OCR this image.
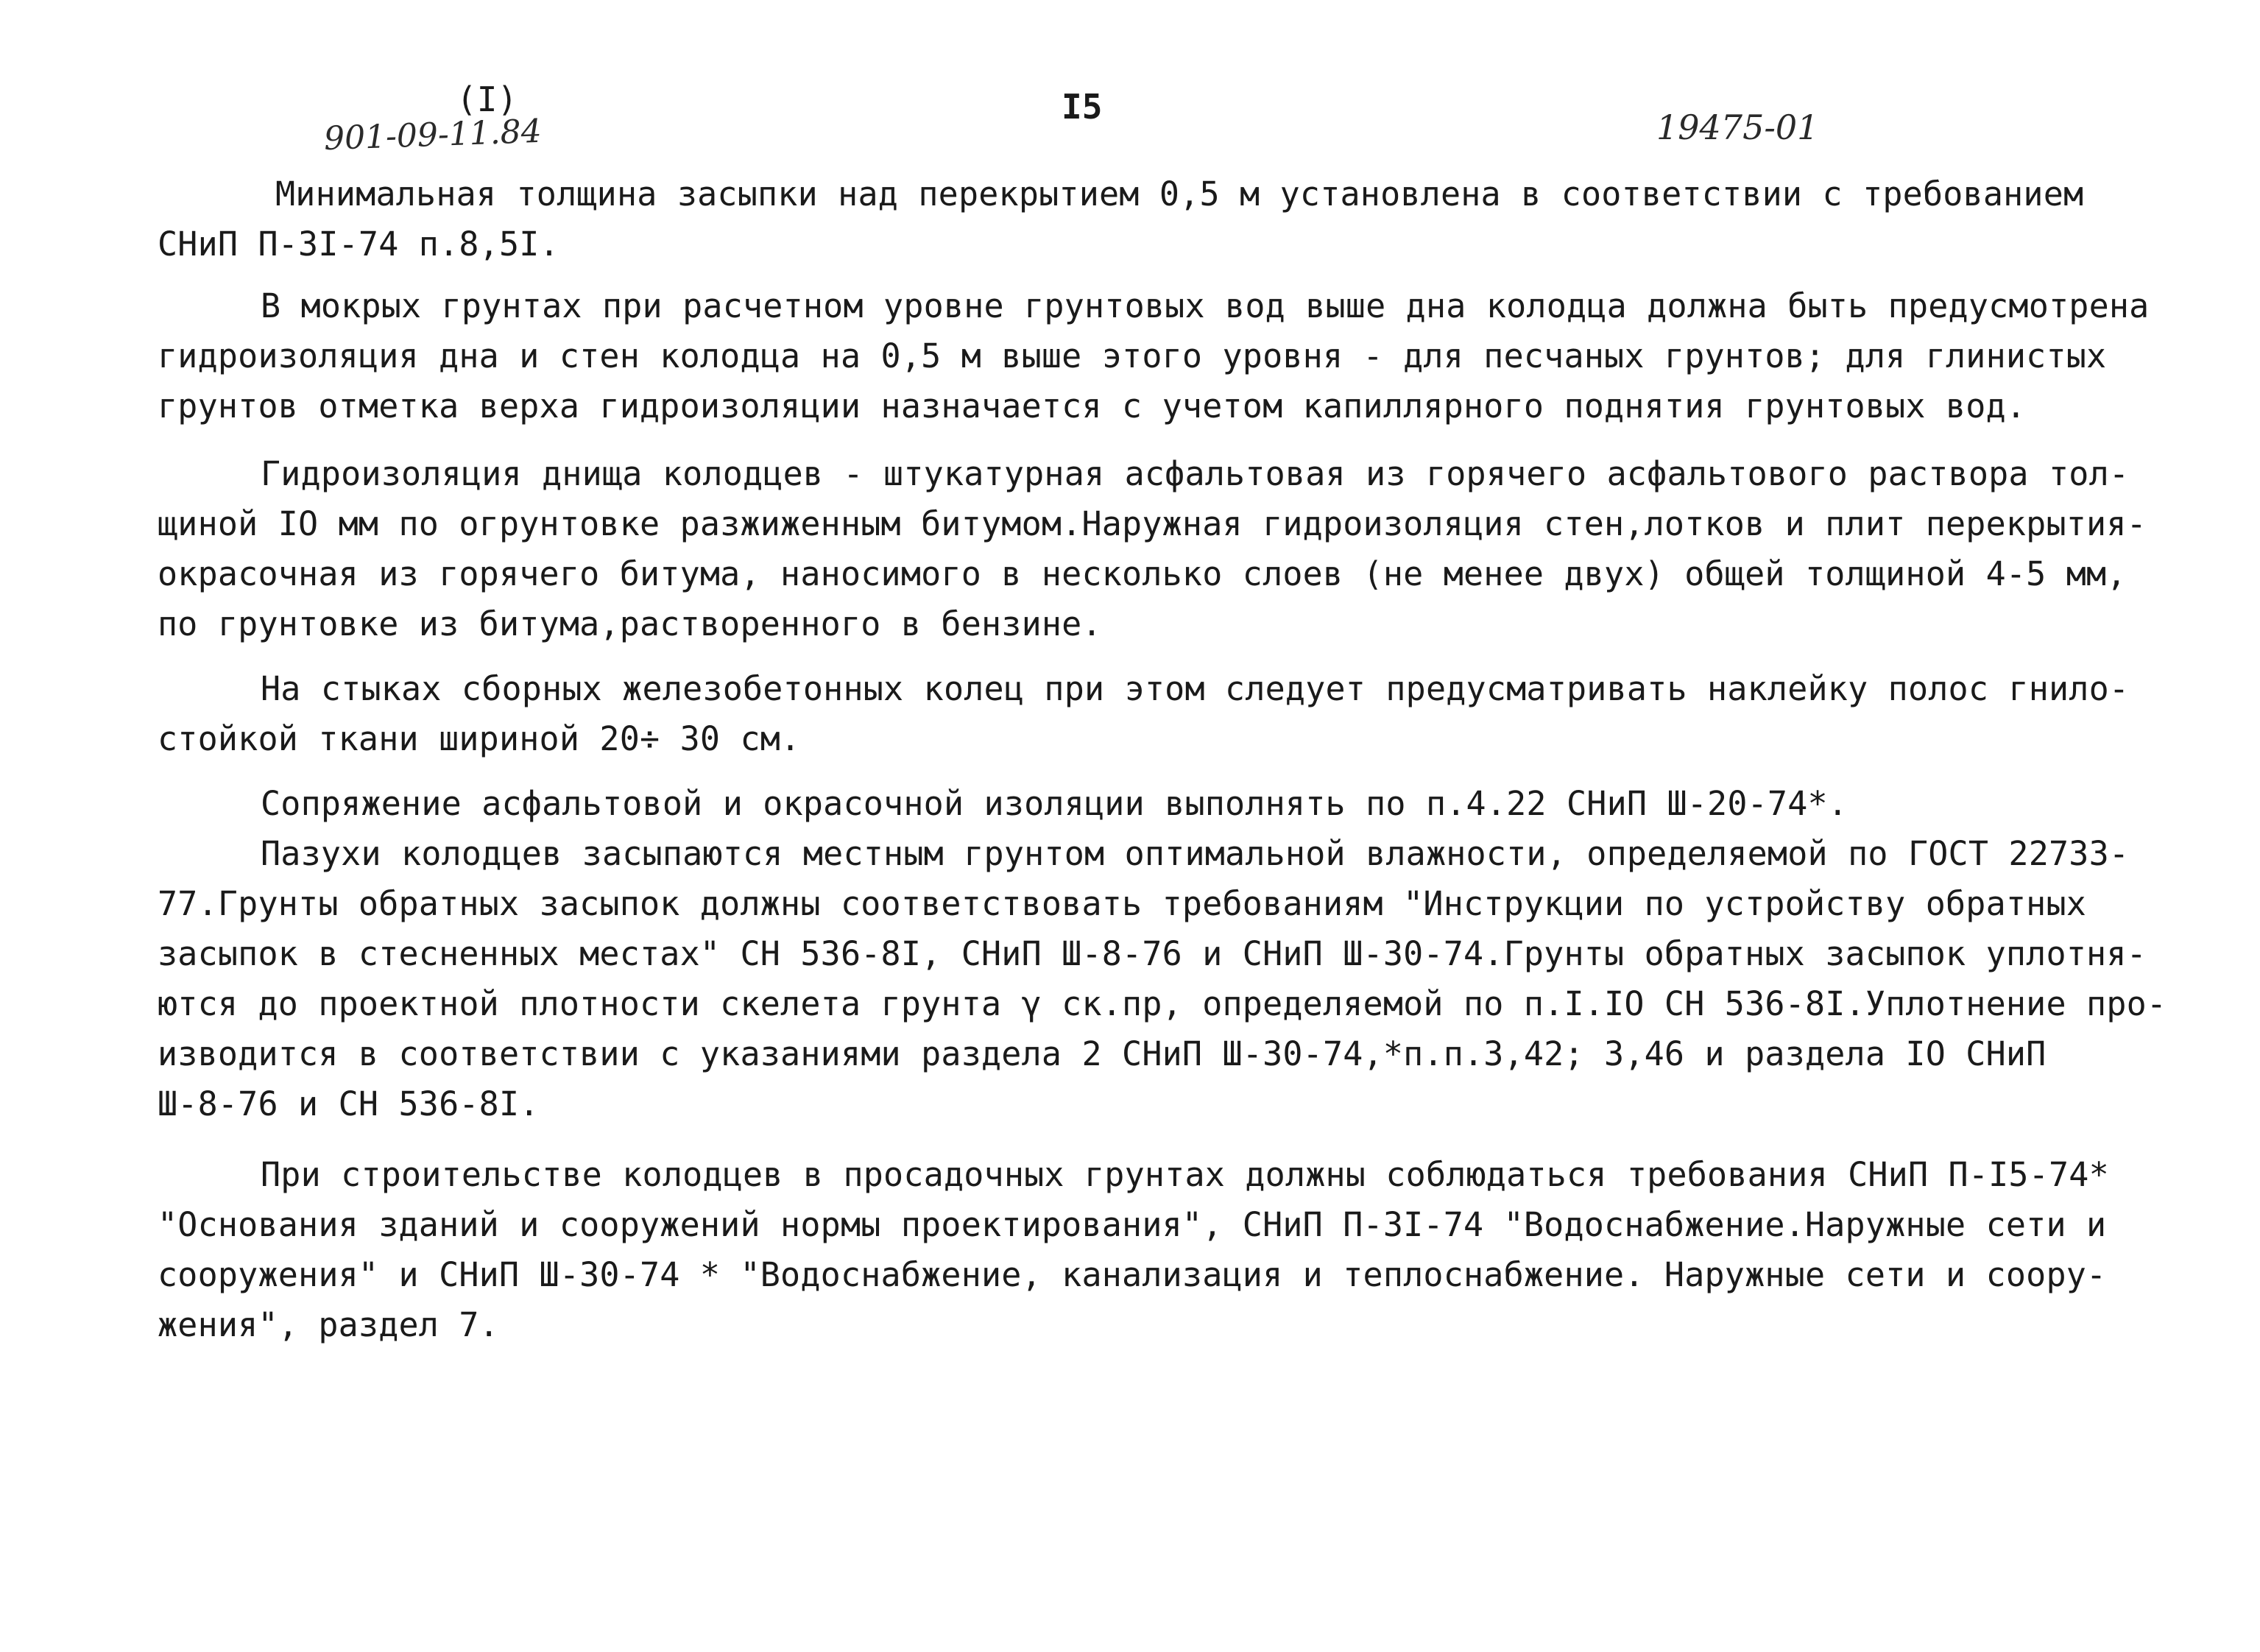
(I)
901-09-11.84
I5
19475-01
Минимальная толщина засыпки над перекрытием 0,5 м установлена в соответствии с требованием
СНиП П-3I-74 п.8,5I.
В мокрых грунтах при расчетном уровне грунтовых вод выше дна колодца должна быть предусмотрена
гидроизоляция дна и стен колодца на 0,5 м выше этого уровня - для песчаных грунтов; для глинистых
грунтов отметка верха гидроизоляции назначается с учетом капиллярного поднятия грунтовых вод.
Гидроизоляция днища колодцев - штукатурная асфальтовая из горячего асфальтового раствора тол-
щиной IO мм по огрунтовке разжиженным битумом.Наружная гидроизоляция стен,лотков и плит перекрытия-
окрасочная из горячего битума, наносимого в несколько слоев (не менее двух) общей толщиной 4-5 мм,
по грунтовке из битума,растворенного в бензине.
На стыках сборных железобетонных колец при этом следует предусматривать наклейку полос гнило-
стойкой ткани шириной 20÷ 30 см.
Сопряжение асфальтовой и окрасочной изоляции выполнять по п.4.22 СНиП Ш-20-74*.
Пазухи колодцев засыпаются местным грунтом оптимальной влажности, определяемой по ГОСТ 22733-
77.Грунты обратных засыпок должны соответствовать требованиям "Инструкции по устройству обратных
засыпок в стесненных местах" СН 536-8I, СНиП Ш-8-76 и СНиП Ш-30-74.Грунты обратных засыпок уплотня-
ются до проектной плотности скелета грунта γ ск.пр, определяемой по п.I.IO СН 536-8I.Уплотнение про-
изводится в соответствии с указаниями раздела 2 СНиП Ш-30-74,*п.п.3,42; 3,46 и раздела IO СНиП
Ш-8-76 и СН 536-8I.
При строительстве колодцев в просадочных грунтах должны соблюдаться требования СНиП П-I5-74*
"Основания зданий и сооружений нормы проектирования", СНиП П-3I-74 "Водоснабжение.Наружные сети и
сооружения" и СНиП Ш-30-74 * "Водоснабжение, канализация и теплоснабжение. Наружные сети и соору-
жения", раздел 7.
